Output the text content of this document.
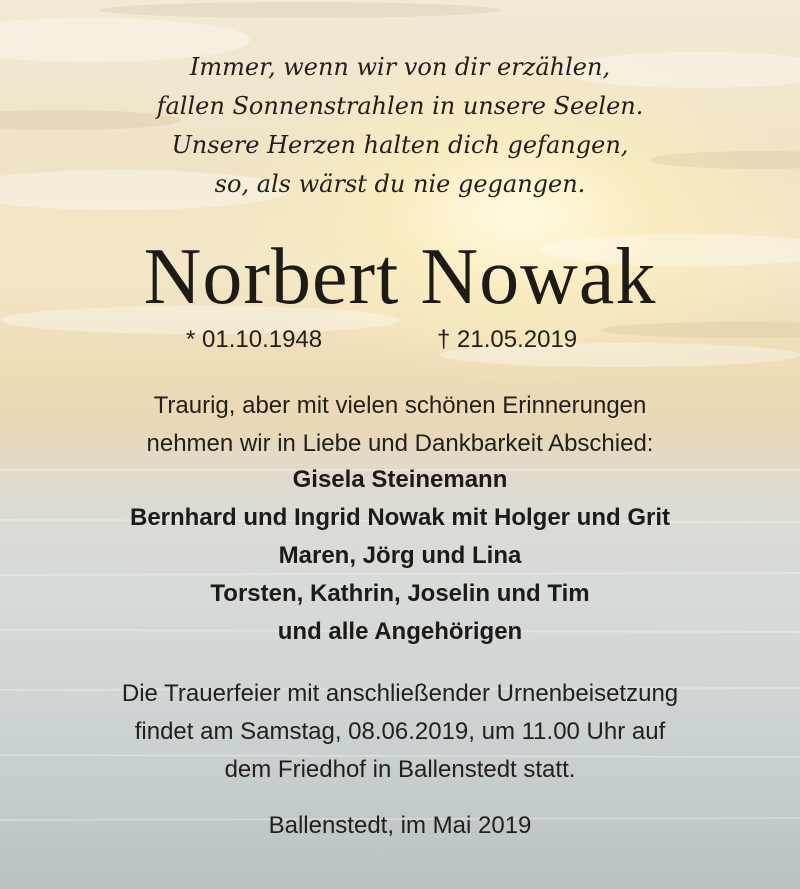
Immer, wenn wir von dir erzählen,
fallen Sonnenstrahlen in unsere Seelen.
Unsere Herzen halten dich gefangen,
so, als wärst du nie gegangen.
Norbert Nowak
* 01.10.1948	† 21.05.2019
Traurig, aber mit vielen schönen Erinnerungen
nehmen wir in Liebe und Dankbarkeit Abschied:
Gisela Steinemann
Bernhard und Ingrid Nowak mit Holger und Grit
Maren, Jörg und Lina
Torsten, Kathrin, Joselin und Tim
und alle Angehörigen
Die Trauerfeier mit anschließender Urnenbeisetzung
findet am Samstag, 08.06.2019, um 11.00 Uhr auf
dem Friedhof in Ballenstedt statt.
Ballenstedt, im Mai 2019
